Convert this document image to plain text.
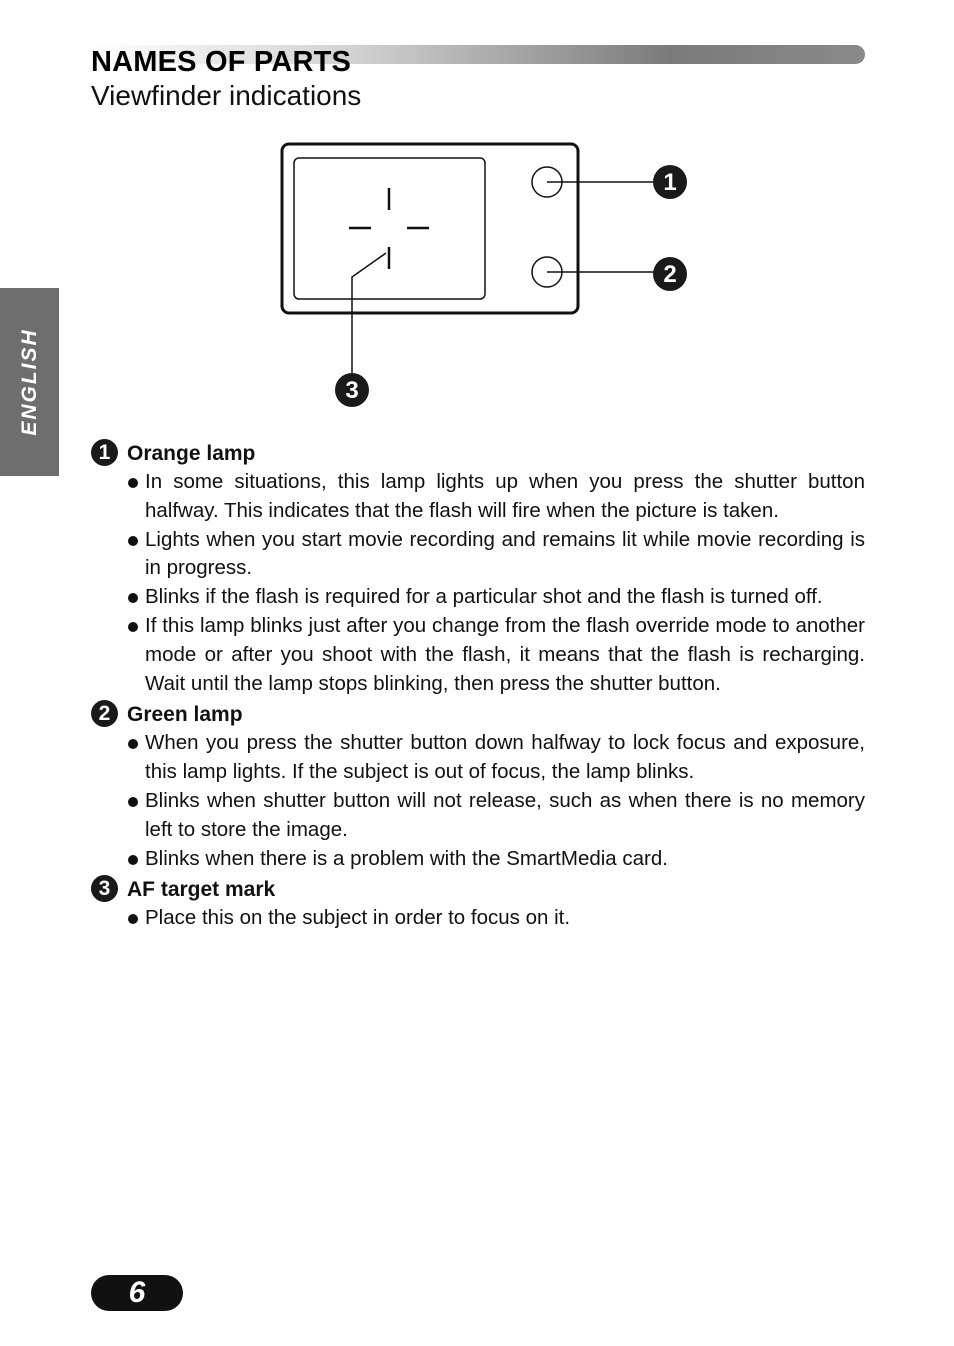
NAMES OF PARTS
Viewfinder indications
ENGLISH
1
2
3
1 Orange lamp
In some situations, this lamp lights up when you press the shutter button halfway. This indicates that the flash will fire when the picture is taken.
Lights when you start movie recording and remains lit while movie recording is in progress.
Blinks if the flash is required for a particular shot and the flash is turned off.
If this lamp blinks just after you change from the flash override mode to another mode or after you shoot with the flash, it means that the flash is recharging. Wait until the lamp stops blinking, then press the shutter button.
2 Green lamp
When you press the shutter button down halfway to lock focus and exposure, this lamp lights. If the subject is out of focus, the lamp blinks.
Blinks when shutter button will not release, such as when there is no memory left to store the image.
Blinks when there is a problem with the SmartMedia card.
3 AF target mark
Place this on the subject in order to focus on it.
6
